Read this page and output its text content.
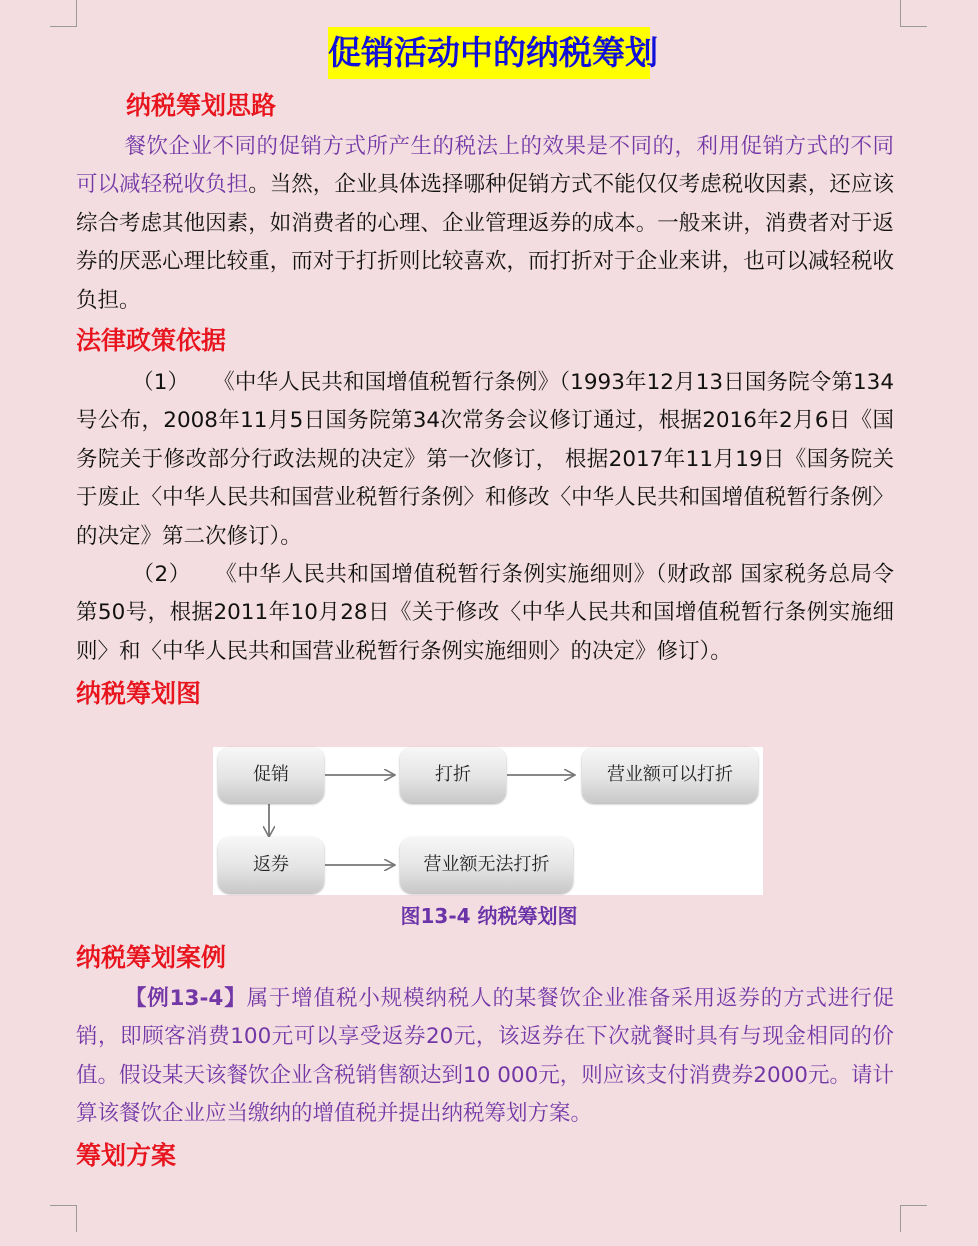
促销活动中的纳税筹划
纳税筹划思路
餐饮企业不同的促销方式所产生的税法上的效果是不同的，利用促销方式的不同可以减轻税收负担。当然，企业具体选择哪种促销方式不能仅仅考虑税收因素，还应该综合考虑其他因素，如消费者的心理、企业管理返券的成本。一般来讲，消费者对于返券的厌恶心理比较重，而对于打折则比较喜欢，而打折对于企业来讲，也可以减轻税收负担。
法律政策依据
（1） 《中华人民共和国增值税暂行条例》（1993年12月13日国务院令第134号公布，2008年11月5日国务院第34次常务会议修订通过，根据2016年2月6日《国务院关于修改部分行政法规的决定》第一次修订， 根据2017年11月19日《国务院关于废止〈中华人民共和国营业税暂行条例〉和修改〈中华人民共和国增值税暂行条例〉的决定》第二次修订）。
（2） 《中华人民共和国增值税暂行条例实施细则》（财政部 国家税务总局令第50号，根据2011年10月28日《关于修改〈中华人民共和国增值税暂行条例实施细则〉和〈中华人民共和国营业税暂行条例实施细则〉的决定》修订）。
纳税筹划图
促销	打折	营业额可以打折
返券	营业额无法打折
图13-4 纳税筹划图
纳税筹划案例
【例13-4】属于增值税小规模纳税人的某餐饮企业准备采用返券的方式进行促销，即顾客消费100元可以享受返券20元，该返券在下次就餐时具有与现金相同的价值。假设某天该餐饮企业含税销售额达到10 000元，则应该支付消费券2000元。请计算该餐饮企业应当缴纳的增值税并提出纳税筹划方案。
筹划方案
